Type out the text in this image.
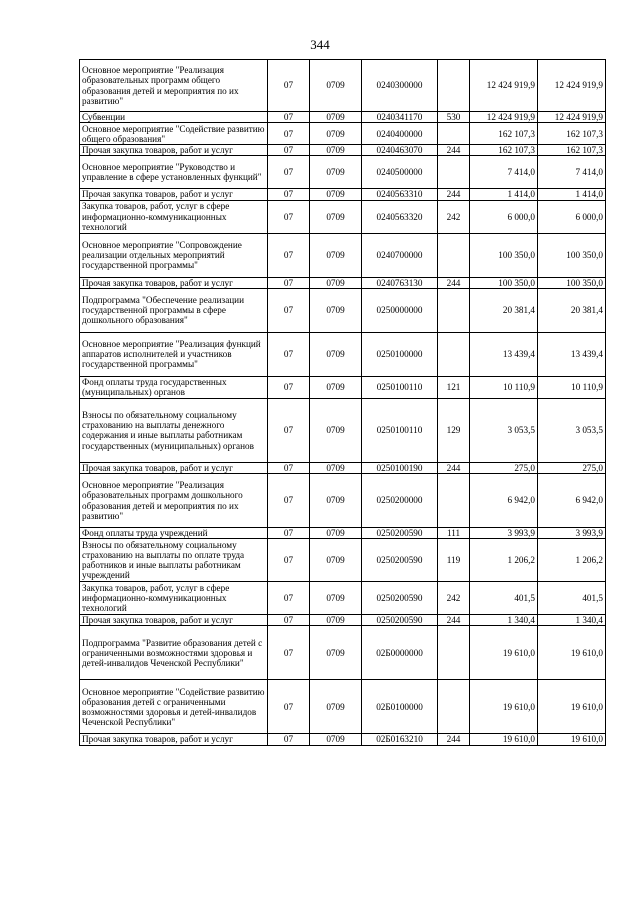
344
Основное мероприятие "Реализация образовательных программ общего образования детей и мероприятия по их развитию"	07	0709	0240300000		12 424 919,9	12 424 919,9
Субвенции	07	0709	0240341170	530	12 424 919,9	12 424 919,9
Основное мероприятие "Содействие развитию общего образования"	07	0709	0240400000		162 107,3	162 107,3
Прочая закупка товаров, работ и услуг	07	0709	0240463070	244	162 107,3	162 107,3
Основное мероприятие "Руководство и управление в сфере установленных функций"	07	0709	0240500000		7 414,0	7 414,0
Прочая закупка товаров, работ и услуг	07	0709	0240563310	244	1 414,0	1 414,0
Закупка товаров, работ, услуг в сфере информационно-коммуникационных технологий	07	0709	0240563320	242	6 000,0	6 000,0
Основное мероприятие "Сопровождение реализации отдельных мероприятий государственной программы"	07	0709	0240700000		100 350,0	100 350,0
Прочая закупка товаров, работ и услуг	07	0709	0240763130	244	100 350,0	100 350,0
Подпрограмма "Обеспечение реализации государственной программы в сфере дошкольного образования"	07	0709	0250000000		20 381,4	20 381,4
Основное мероприятие "Реализация функций аппаратов исполнителей и участников государственной программы"	07	0709	0250100000		13 439,4	13 439,4
Фонд оплаты труда государственных (муниципальных) органов	07	0709	0250100110	121	10 110,9	10 110,9
Взносы по обязательному социальному страхованию на выплаты денежного содержания и иные выплаты работникам государственных (муниципальных) органов	07	0709	0250100110	129	3 053,5	3 053,5
Прочая закупка товаров, работ и услуг	07	0709	0250100190	244	275,0	275,0
Основное мероприятие "Реализация образовательных программ дошкольного образования детей и мероприятия по их развитию"	07	0709	0250200000		6 942,0	6 942,0
Фонд оплаты труда учреждений	07	0709	0250200590	111	3 993,9	3 993,9
Взносы по обязательному социальному страхованию на выплаты по оплате труда работников и иные выплаты работникам учреждений	07	0709	0250200590	119	1 206,2	1 206,2
Закупка товаров, работ, услуг в сфере информационно-коммуникационных технологий	07	0709	0250200590	242	401,5	401,5
Прочая закупка товаров, работ и услуг	07	0709	0250200590	244	1 340,4	1 340,4
Подпрограмма "Развитие образования детей с ограниченными возможностями здоровья и детей-инвалидов Чеченской Республики"	07	0709	02Б0000000		19 610,0	19 610,0
Основное мероприятие "Содействие развитию образования детей с ограниченными возможностями здоровья и детей-инвалидов Чеченской Республики"	07	0709	02Б0100000		19 610,0	19 610,0
Прочая закупка товаров, работ и услуг	07	0709	02Б0163210	244	19 610,0	19 610,0
